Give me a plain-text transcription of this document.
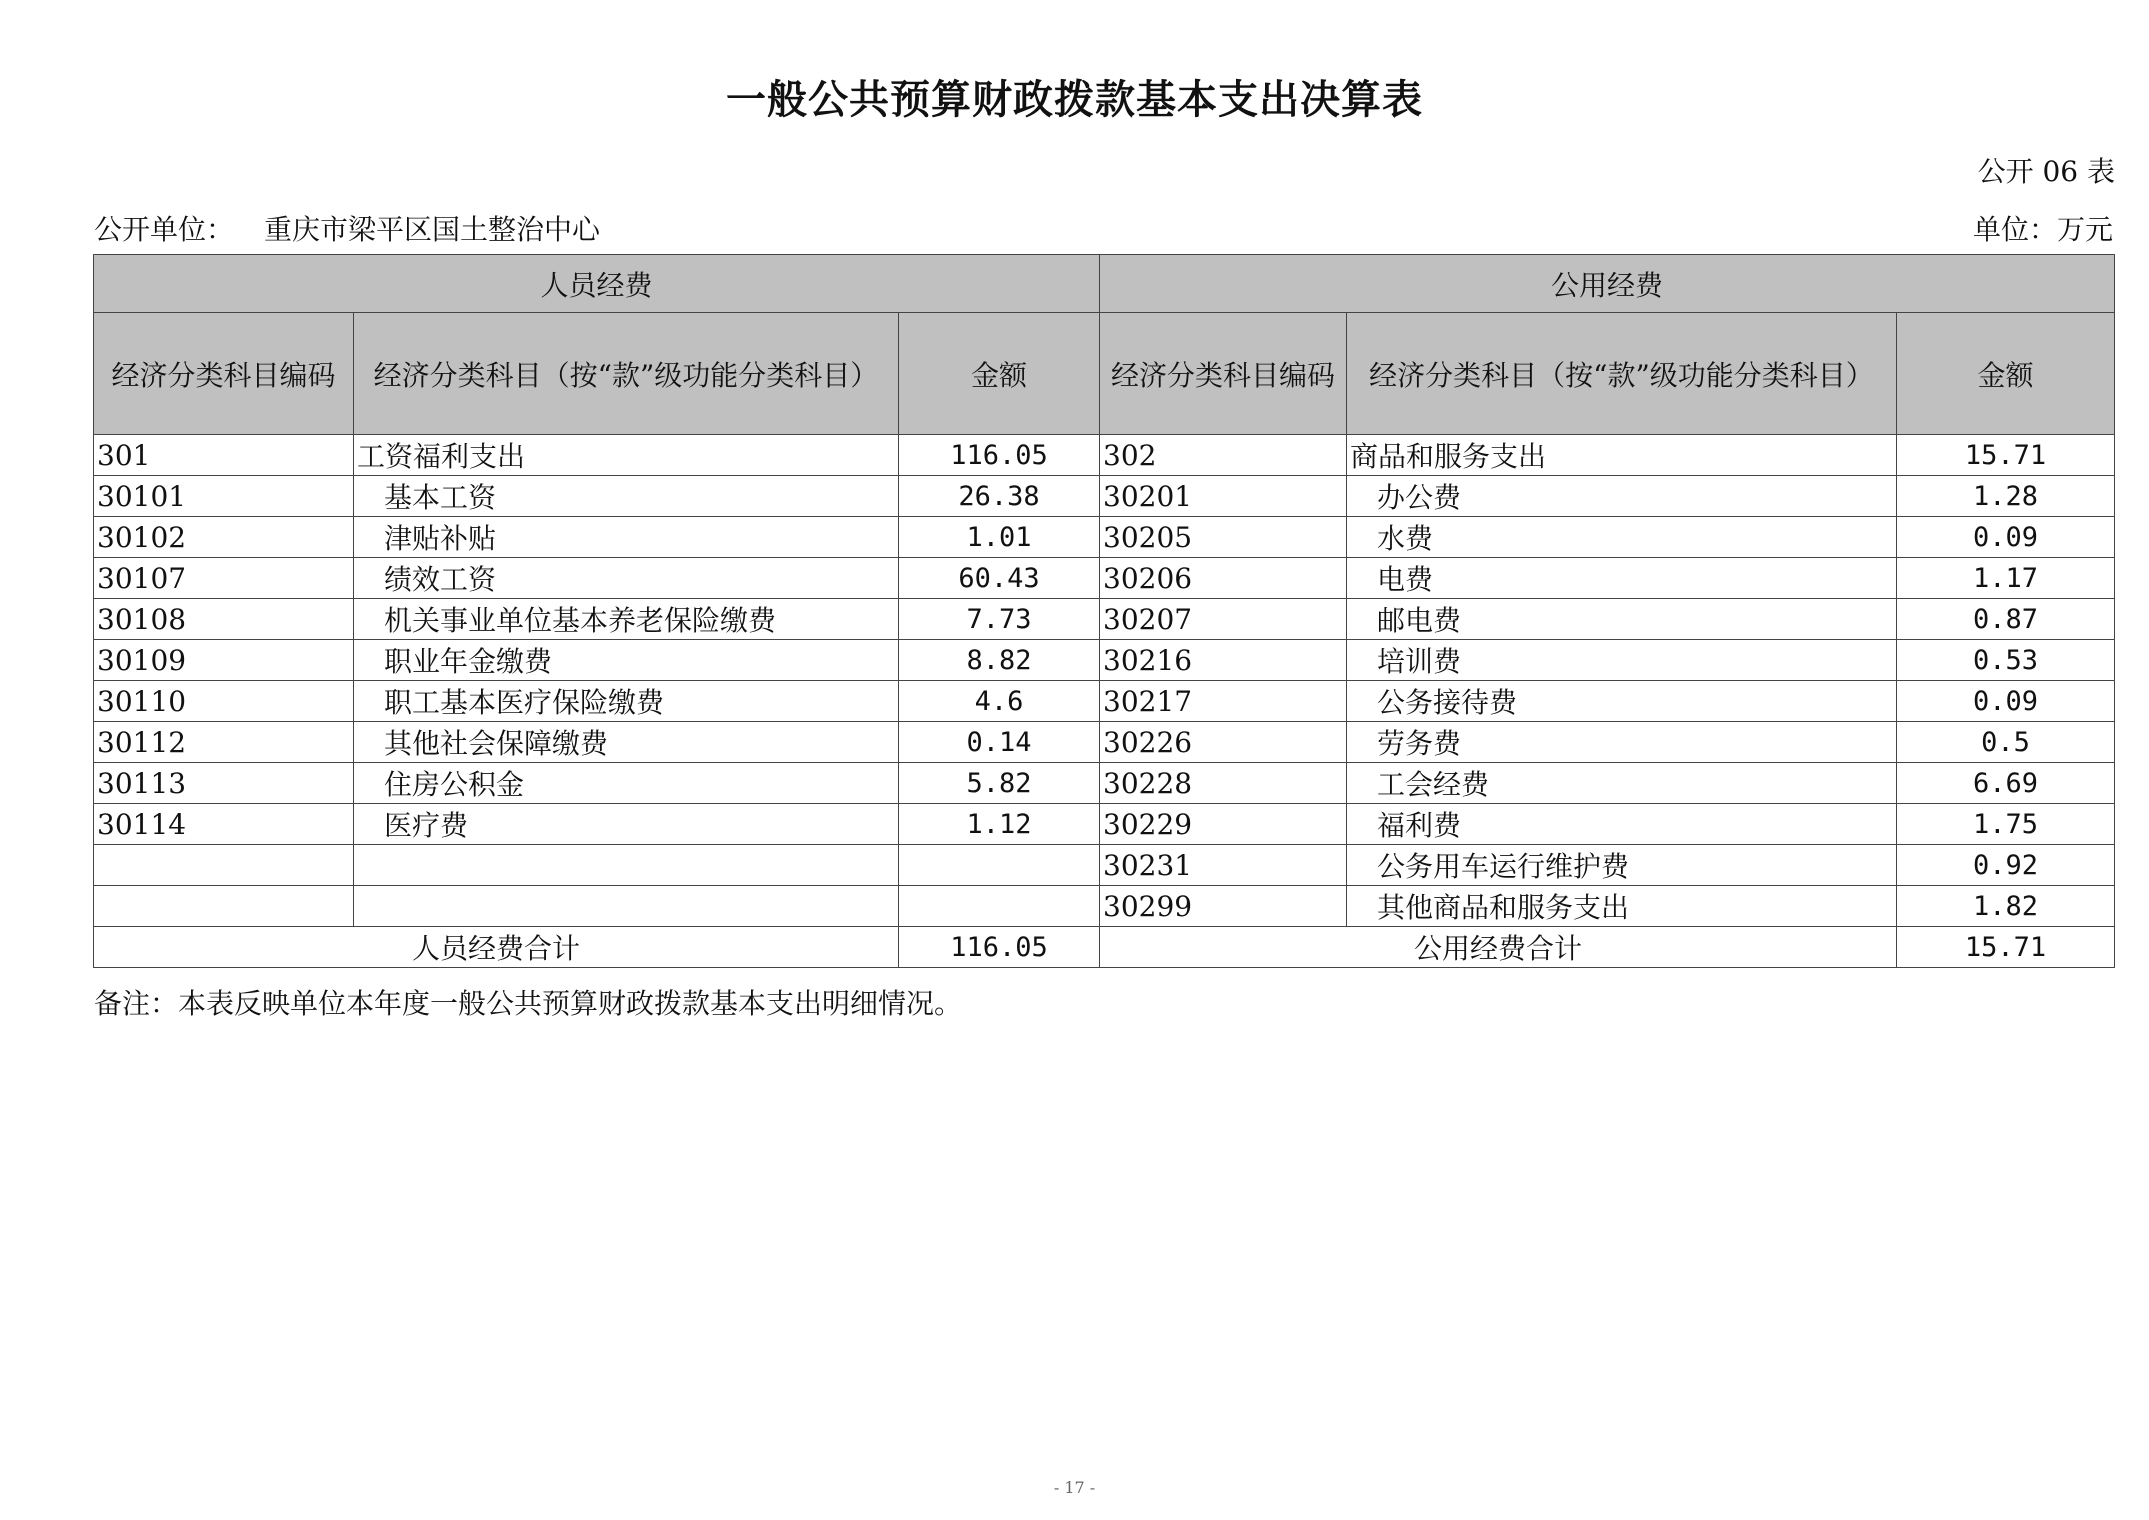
一般公共预算财政拨款基本支出决算表
公开 06 表
公开单位： 重庆市梁平区国土整治中心	单位：万元
人员经费			公用经费		
经济分类科目编码	经济分类科目（按“款”级功能分类科目）	金额	经济分类科目编码	经济分类科目（按“款”级功能分类科目）	金额
301	工资福利支出	116.05	302	商品和服务支出	15.71
30101	基本工资	26.38	30201	办公费	1.28
30102	津贴补贴	1.01	30205	水费	0.09
30107	绩效工资	60.43	30206	电费	1.17
30108	机关事业单位基本养老保险缴费	7.73	30207	邮电费	0.87
30109	职业年金缴费	8.82	30216	培训费	0.53
30110	职工基本医疗保险缴费	4.6	30217	公务接待费	0.09
30112	其他社会保障缴费	0.14	30226	劳务费	0.5
30113	住房公积金	5.82	30228	工会经费	6.69
30114	医疗费	1.12	30229	福利费	1.75
			30231	公务用车运行维护费	0.92
			30299	其他商品和服务支出	1.82
人员经费合计		116.05	公用经费合计		15.71
备注：本表反映单位本年度一般公共预算财政拨款基本支出明细情况。
- 17 -
